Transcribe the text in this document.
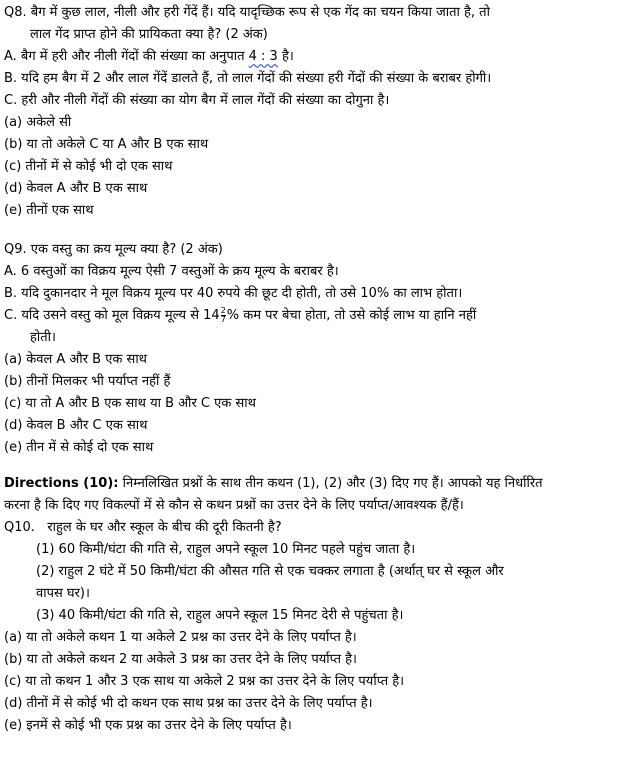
Q8. बैग में कुछ लाल, नीली और हरी गेंदें हैं। यदि यादृच्छिक रूप से एक गेंद का चयन किया जाता है, तो
लाल गेंद प्राप्त होने की प्रायिकता क्या है? (2 अंक)
A. बैग में हरी और नीली गेंदों की संख्या का अनुपात 4 : 3 है।
B. यदि हम बैग में 2 और लाल गेंदें डालते हैं, तो लाल गेंदों की संख्या हरी गेंदों की संख्या के बराबर होगी।
C. हरी और नीली गेंदों की संख्या का योग बैग में लाल गेंदों की संख्या का दोगुना है।
(a) अकेले सी
(b) या तो अकेले C या A और B एक साथ
(c) तीनों में से कोई भी दो एक साथ
(d) केवल A और B एक साथ
(e) तीनों एक साथ
Q9. एक वस्तु का क्रय मूल्य क्या है? (2 अंक)
A. 6 वस्तुओं का विक्रय मूल्य ऐसी 7 वस्तुओं के क्रय मूल्य के बराबर है।
B. यदि दुकानदार ने मूल विक्रय मूल्य पर 40 रुपये की छूट दी होती, तो उसे 10% का लाभ होता।
C. यदि उसने वस्तु को मूल विक्रय मूल्य से $14 \frac{2}{7}$ % कम पर बेचा होता, तो उसे कोई लाभ या हानि नहीं
होती।
(a) केवल A और B एक साथ
(b) तीनों मिलकर भी पर्याप्त नहीं हैं
(c) या तो A और B एक साथ या B और C एक साथ
(d) केवल B और C एक साथ
(e) तीन में से कोई दो एक साथ
Directions (10): निम्नलिखित प्रश्नों के साथ तीन कथन (1), (2) और (3) दिए गए हैं। आपको यह निर्धारित करना है कि दिए गए विकल्पों में से कौन से कथन प्रश्नों का उत्तर देने के लिए पर्याप्त/आवश्यक हैं/हैं।
Q10. राहुल के घर और स्कूल के बीच की दूरी कितनी है?
(1) 60 किमी/घंटा की गति से, राहुल अपने स्कूल 10 मिनट पहले पहुंच जाता है।
(2) राहुल 2 घंटे में 50 किमी/घंटा की औसत गति से एक चक्कर लगाता है (अर्थात् घर से स्कूल और
वापस घर)।
(3) 40 किमी/घंटा की गति से, राहुल अपने स्कूल 15 मिनट देरी से पहुंचता है।
(a) या तो अकेले कथन 1 या अकेले 2 प्रश्न का उत्तर देने के लिए पर्याप्त है।
(b) या तो अकेले कथन 2 या अकेले 3 प्रश्न का उत्तर देने के लिए पर्याप्त है।
(c) या तो कथन 1 और 3 एक साथ या अकेले 2 प्रश्न का उत्तर देने के लिए पर्याप्त है।
(d) तीनों में से कोई भी दो कथन एक साथ प्रश्न का उत्तर देने के लिए पर्याप्त है।
(e) इनमें से कोई भी एक प्रश्न का उत्तर देने के लिए पर्याप्त है।
